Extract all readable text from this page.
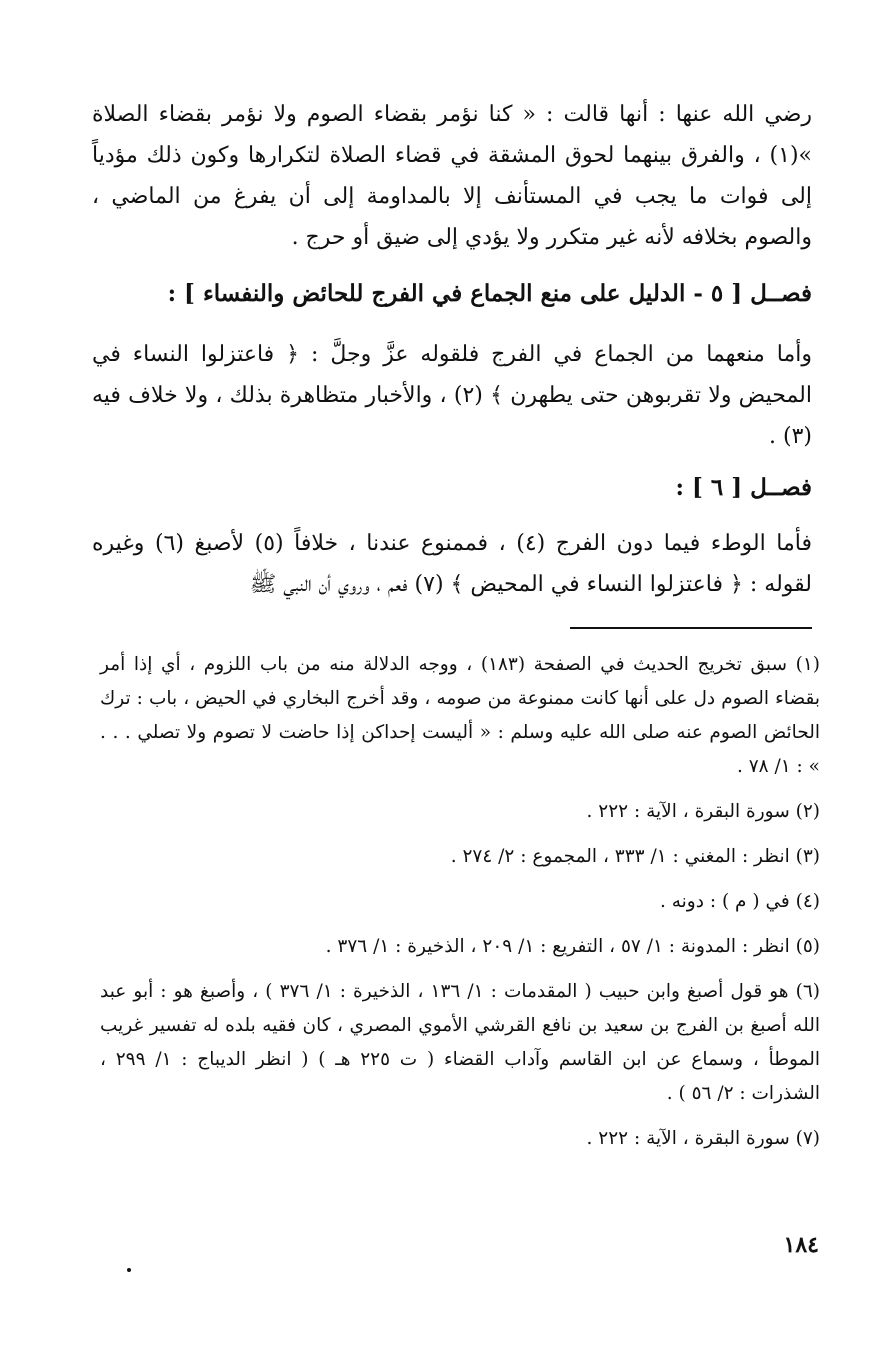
رضي الله عنها : أنها قالت : « كنا نؤمر بقضاء الصوم ولا نؤمر بقضاء الصلاة »(١) ، والفرق بينهما لحوق المشقة في قضاء الصلاة لتكرارها وكون ذلك مؤدياً إلى فوات ما يجب في المستأنف إلا بالمداومة إلى أن يفرغ من الماضي ، والصوم بخلافه لأنه غير متكرر ولا يؤدي إلى ضيق أو حرج .

فصــل [ ٥ - الدليل على منع الجماع في الفرج للحائض والنفساء ] :

وأما منعهما من الجماع في الفرج فلقوله عزَّ وجلَّ : ﴿ فاعتزلوا النساء في المحيض ولا تقربوهن حتى يطهرن ﴾ (٢) ، والأخبار متظاهرة بذلك ، ولا خلاف فيه (٣) .

فصــل [ ٦ ] :

فأما الوطء فيما دون الفرج (٤) ، فممنوع عندنا ، خلافاً (٥) لأصبغ (٦) وغيره لقوله : ﴿ فاعتزلوا النساء في المحيض ﴾ (٧) فعم ، وروي أن النبي ﷺ

(١) سبق تخريج الحديث في الصفحة (١٨٣) ، ووجه الدلالة منه من باب اللزوم ، أي إذا أمر بقضاء الصوم دل على أنها كانت ممنوعة من صومه ، وقد أخرج البخاري في الحيض ، باب : ترك الحائض الصوم عنه صلى الله عليه وسلم : « أليست إحداكن إذا حاضت لا تصوم ولا تصلي . . . » : ١/ ٧٨ .

(٢) سورة البقرة ، الآية : ٢٢٢ .

(٣) انظر : المغني : ١/ ٣٣٣ ، المجموع : ٢/ ٢٧٤ .

(٤) في ( م ) : دونه .

(٥) انظر : المدونة : ١/ ٥٧ ، التفريع : ١/ ٢٠٩ ، الذخيرة : ١/ ٣٧٦ .

(٦) هو قول أصبغ وابن حبيب ( المقدمات : ١/ ١٣٦ ، الذخيرة : ١/ ٣٧٦ ) ، وأصبغ هو : أبو عبد الله أصبغ بن الفرج بن سعيد بن نافع القرشي الأموي المصري ، كان فقيه بلده له تفسير غريب الموطأ ، وسماع عن ابن القاسم وآداب القضاء ( ت ٢٢٥ هـ ) ( انظر الديباج : ١/ ٢٩٩ ، الشذرات : ٢/ ٥٦ ) .

(٧) سورة البقرة ، الآية : ٢٢٢ .

١٨٤
